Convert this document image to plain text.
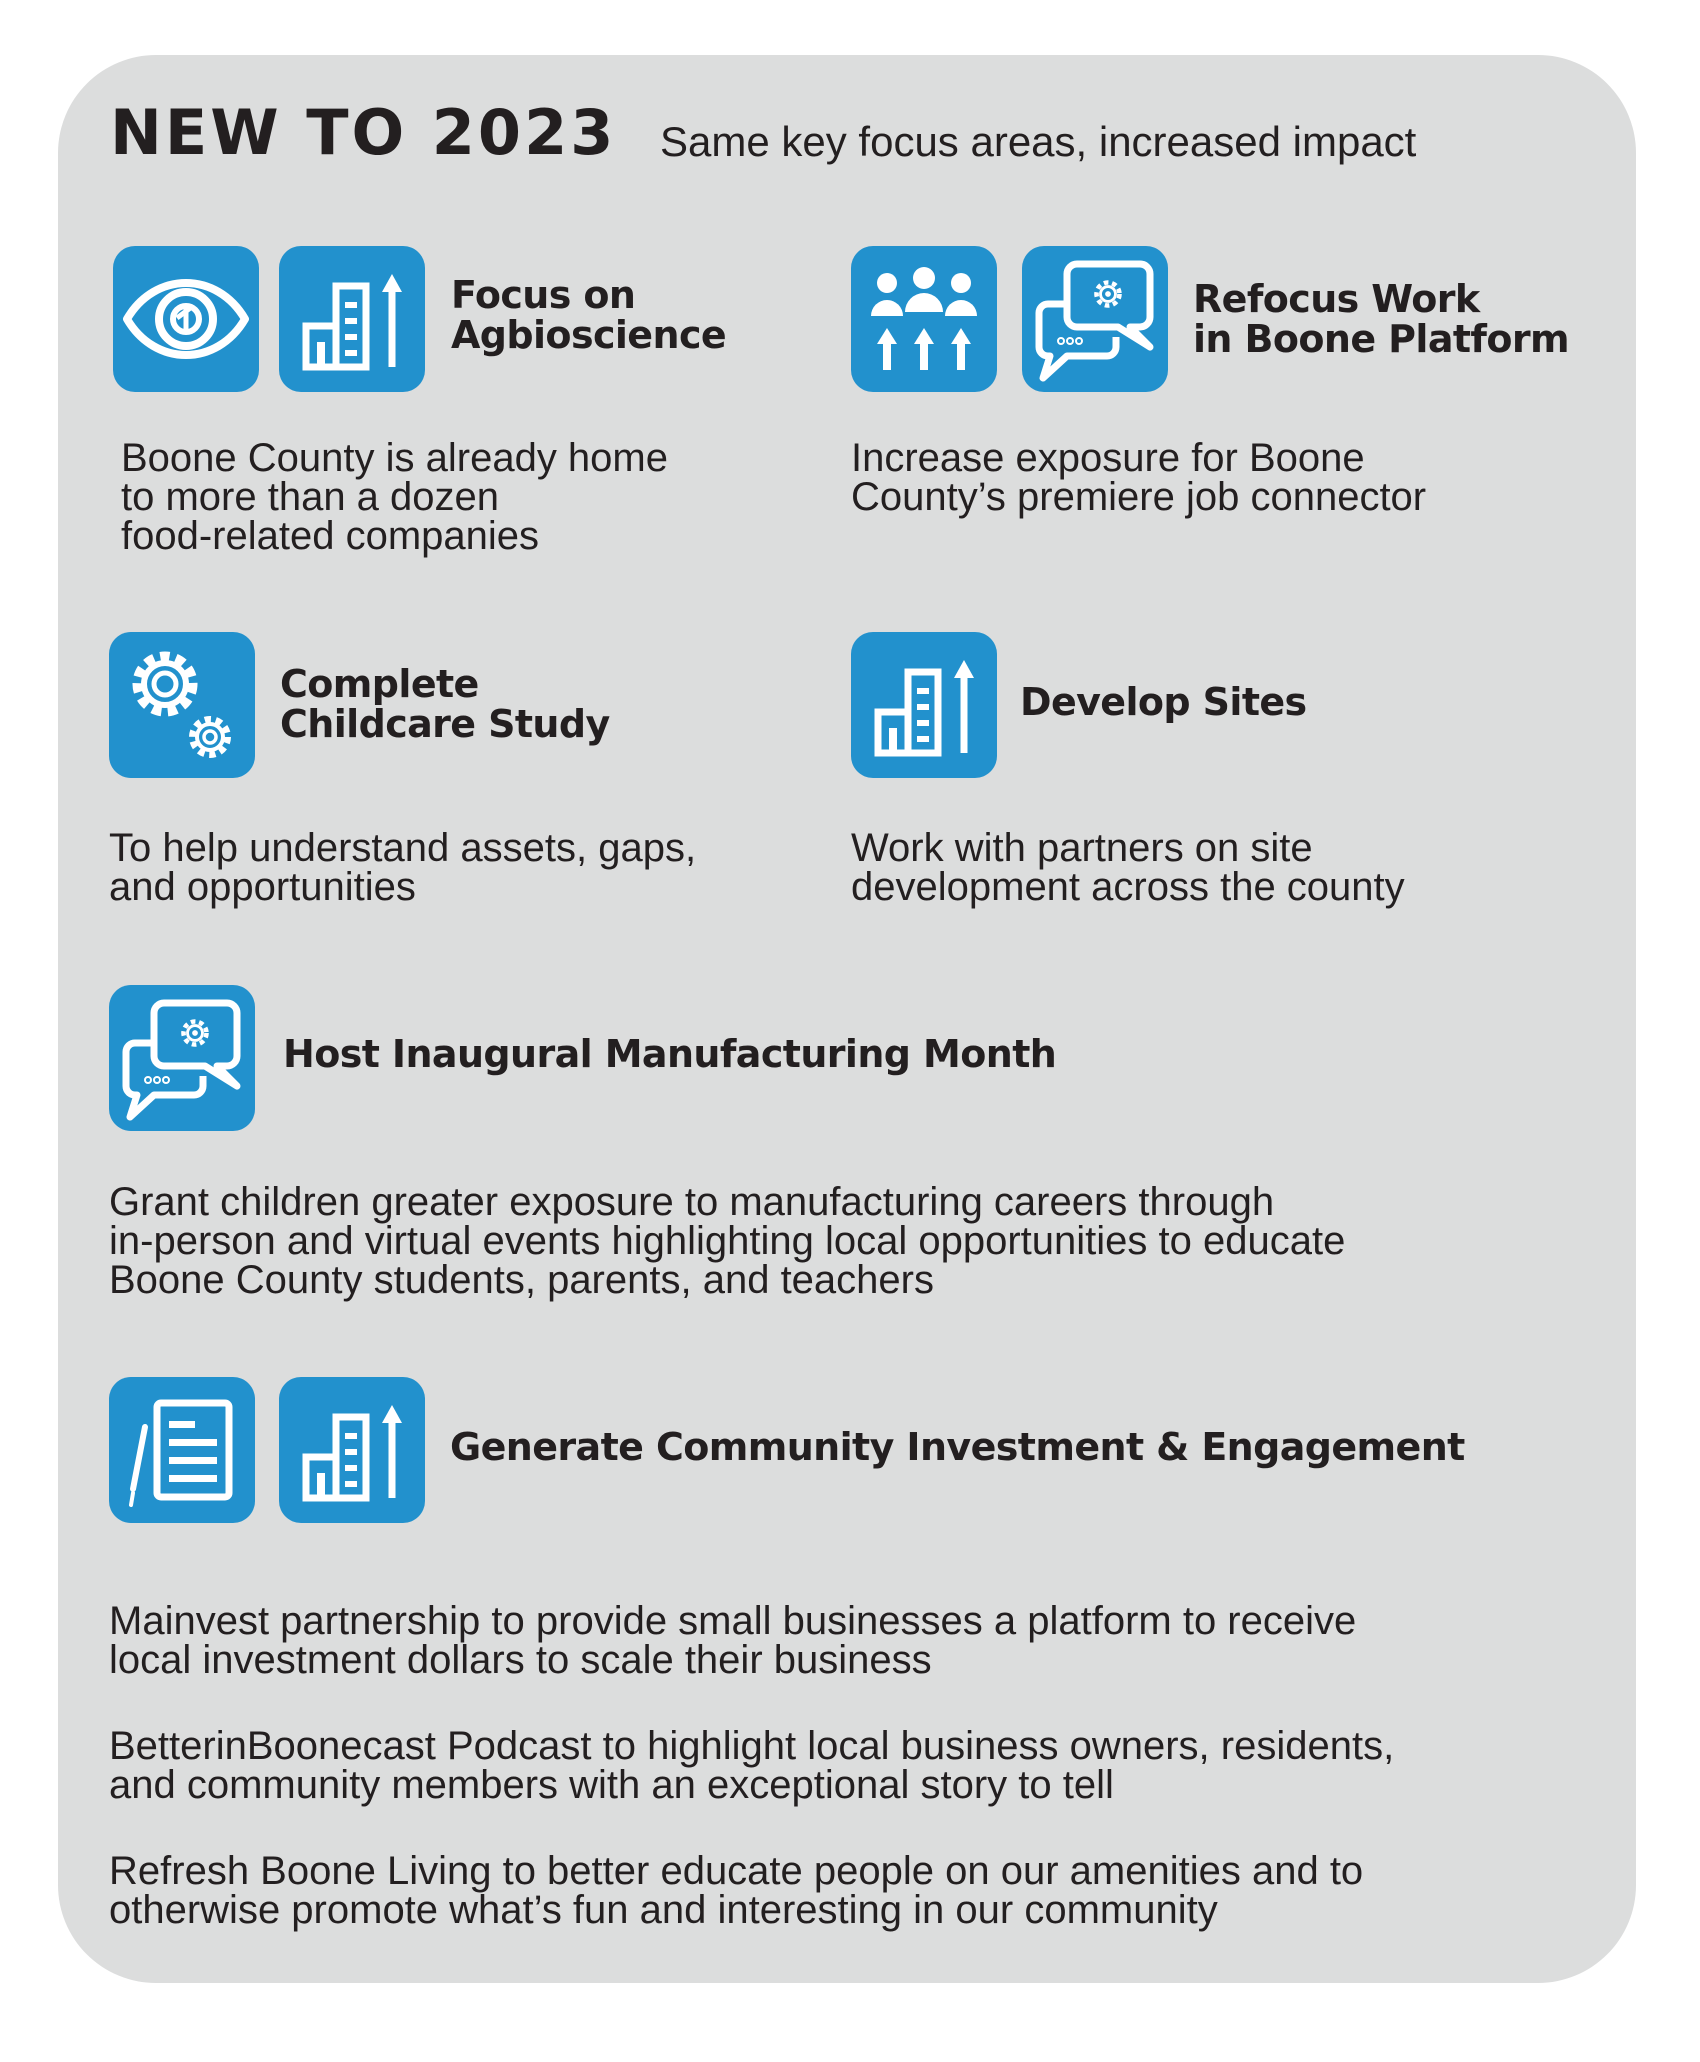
NEW TO 2023 Same key focus areas, increased impact
Focus on
Agbioscience
Boone County is already home
to more than a dozen
food-related companies
Refocus Work
in Boone Platform
Increase exposure for Boone
County’s premiere job connector
Complete
Childcare Study
To help understand assets, gaps,
and opportunities
Develop Sites
Work with partners on site
development across the county
Host Inaugural Manufacturing Month
Grant children greater exposure to manufacturing careers through
in-person and virtual events highlighting local opportunities to educate
Boone County students, parents, and teachers
Generate Community Investment & Engagement
Mainvest partnership to provide small businesses a platform to receive
local investment dollars to scale their business
BetterinBoonecast Podcast to highlight local business owners, residents,
and community members with an exceptional story to tell
Refresh Boone Living to better educate people on our amenities and to
otherwise promote what’s fun and interesting in our community
